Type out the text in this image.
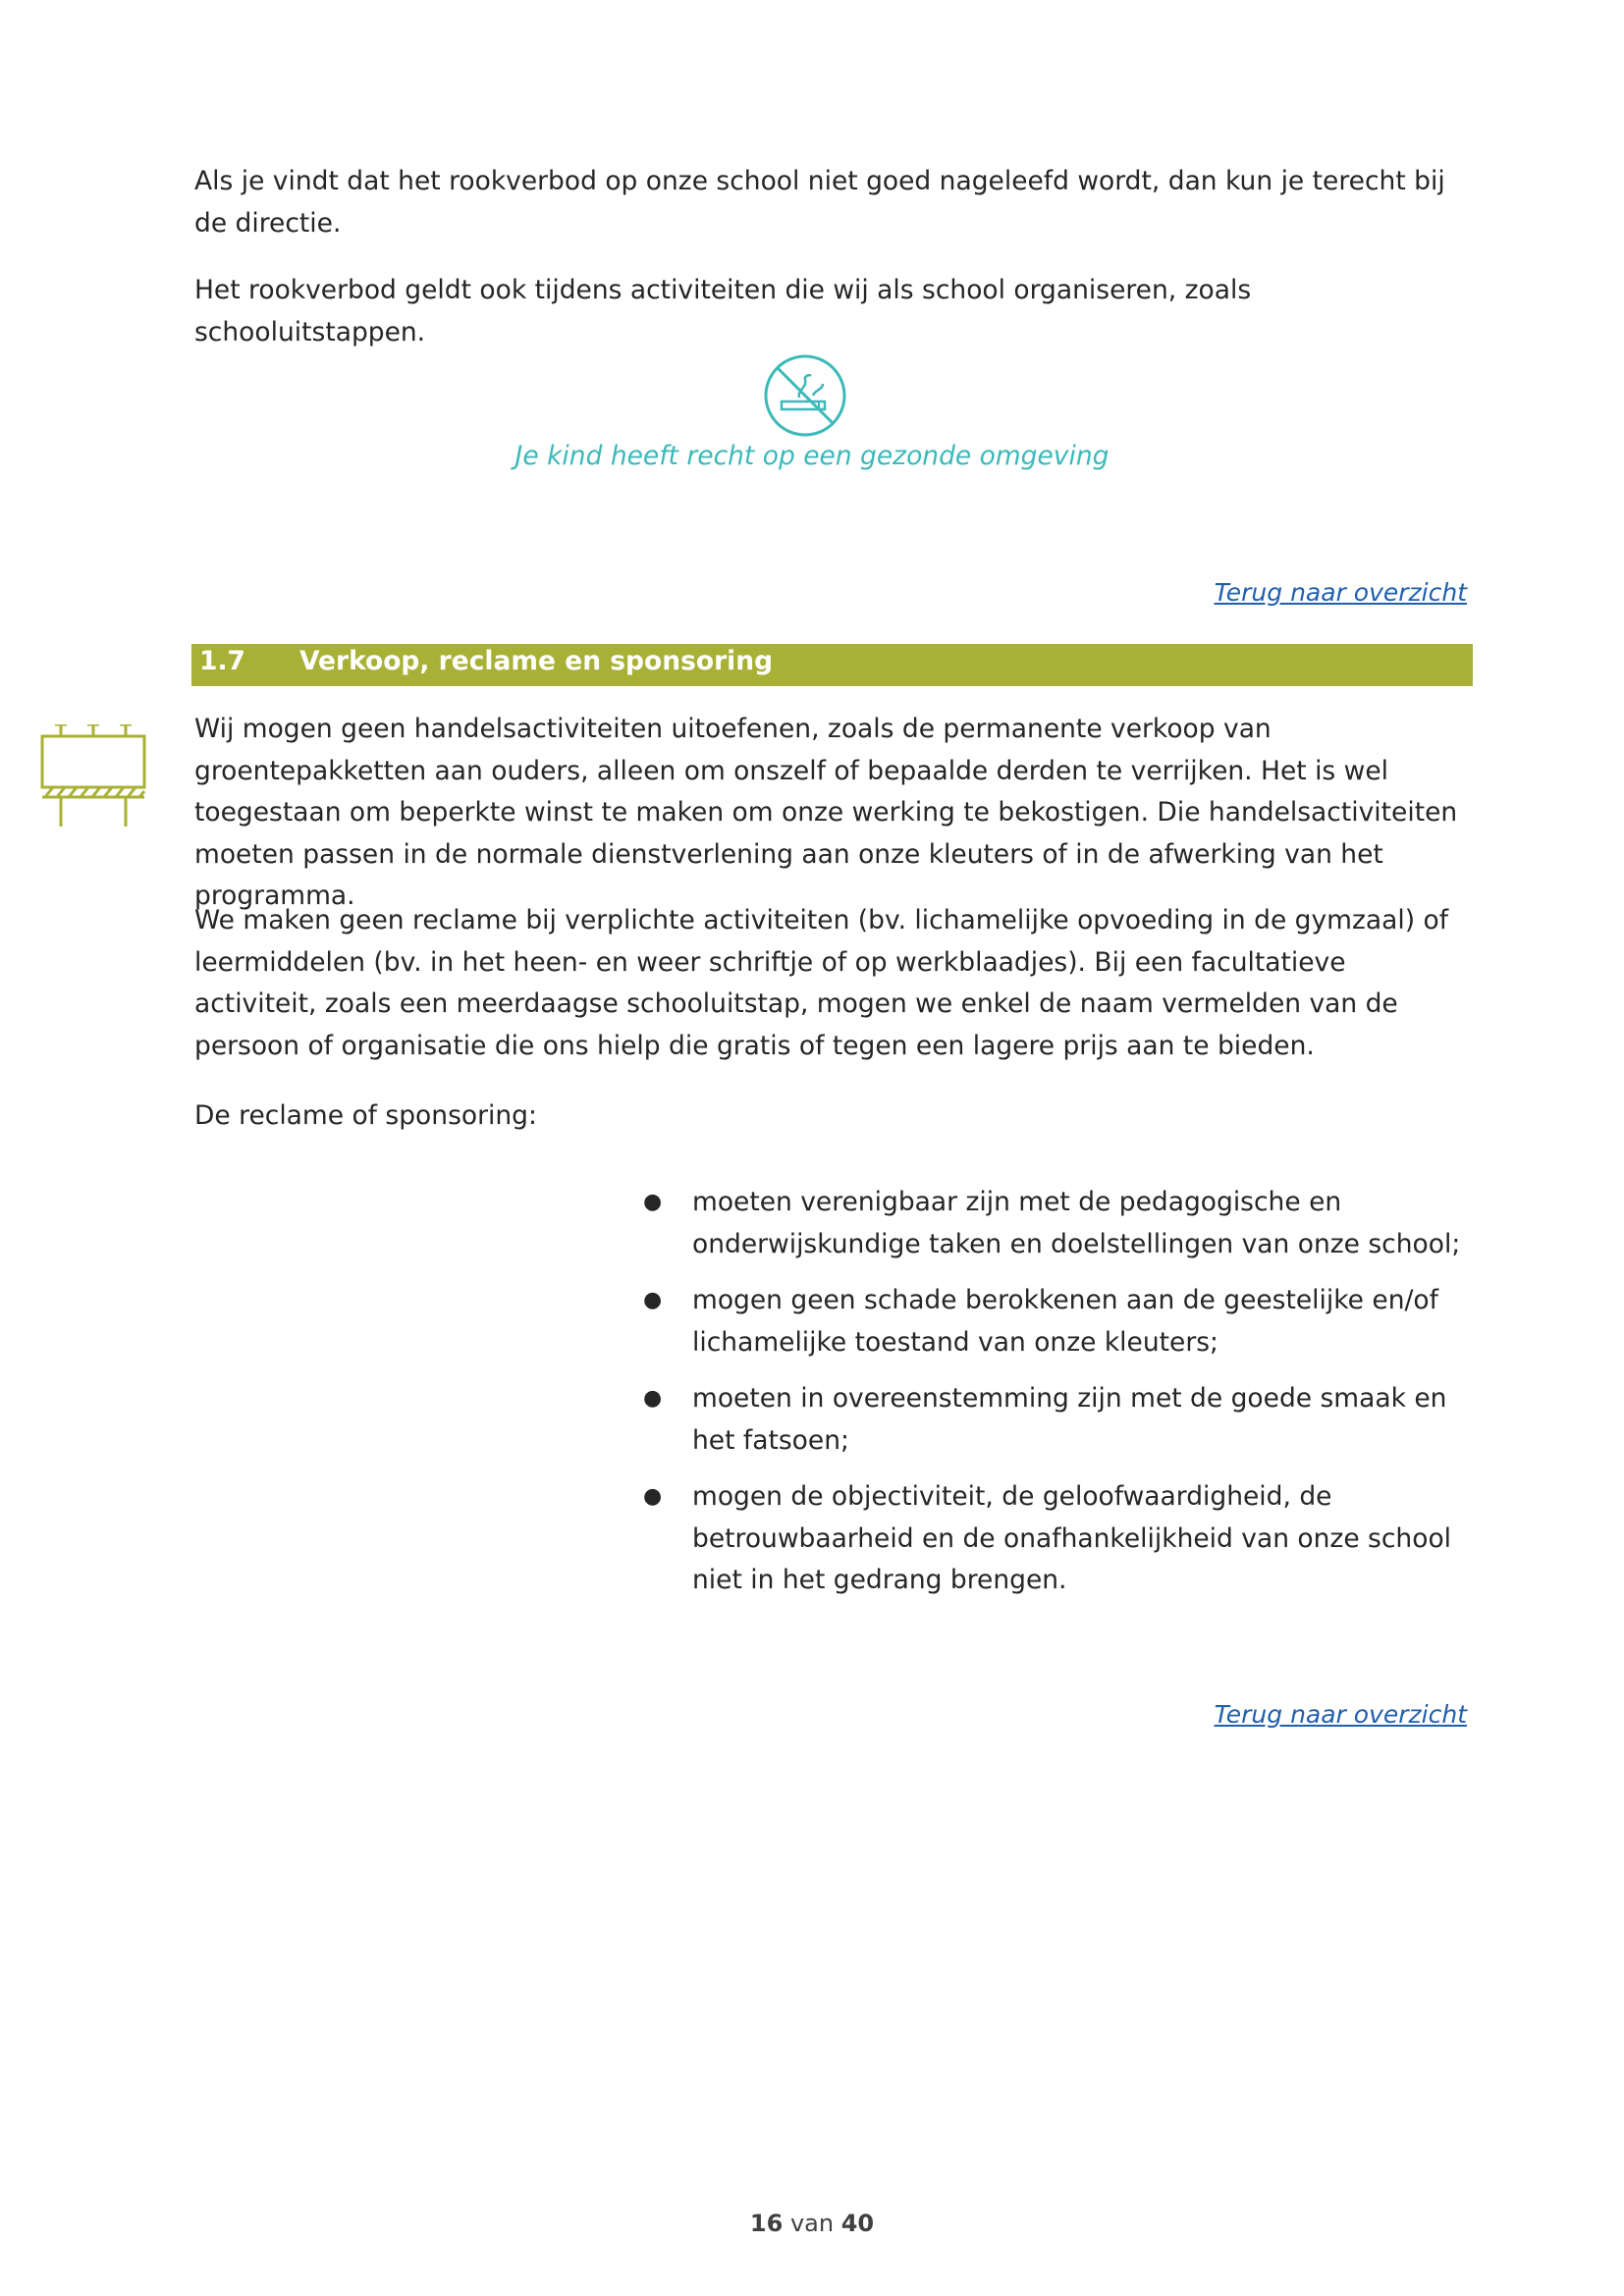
Als je vindt dat het rookverbod op onze school niet goed nageleefd wordt, dan kun je terecht bij de directie.

Het rookverbod geldt ook tijdens activiteiten die wij als school organiseren, zoals schooluitstappen.

Je kind heeft recht op een gezonde omgeving

Terug naar overzicht
1.7 Verkoop, reclame en sponsoring

Wij mogen geen handelsactiviteiten uitoefenen, zoals de permanente verkoop van groentepakketten aan ouders, alleen om onszelf of bepaalde derden te verrijken. Het is wel toegestaan om beperkte winst te maken om onze werking te bekostigen. Die handelsactiviteiten moeten passen in de normale dienstverlening aan onze kleuters of in de afwerking van het programma.

We maken geen reclame bij verplichte activiteiten (bv. lichamelijke opvoeding in de gymzaal) of leermiddelen (bv. in het heen- en weer schriftje of op werkblaadjes). Bij een facultatieve activiteit, zoals een meerdaagse schooluitstap, mogen we enkel de naam vermelden van de persoon of organisatie die ons hielp die gratis of tegen een lagere prijs aan te bieden.

De reclame of sponsoring:

● moeten verenigbaar zijn met de pedagogische en onderwijskundige taken en doelstellingen van onze school;
● mogen geen schade berokkenen aan de geestelijke en/of lichamelijke toestand van onze kleuters;
● moeten in overeenstemming zijn met de goede smaak en het fatsoen;
● mogen de objectiviteit, de geloofwaardigheid, de betrouwbaarheid en de onafhankelijkheid van onze school niet in het gedrang brengen.
Terug naar overzicht
16 van 40
